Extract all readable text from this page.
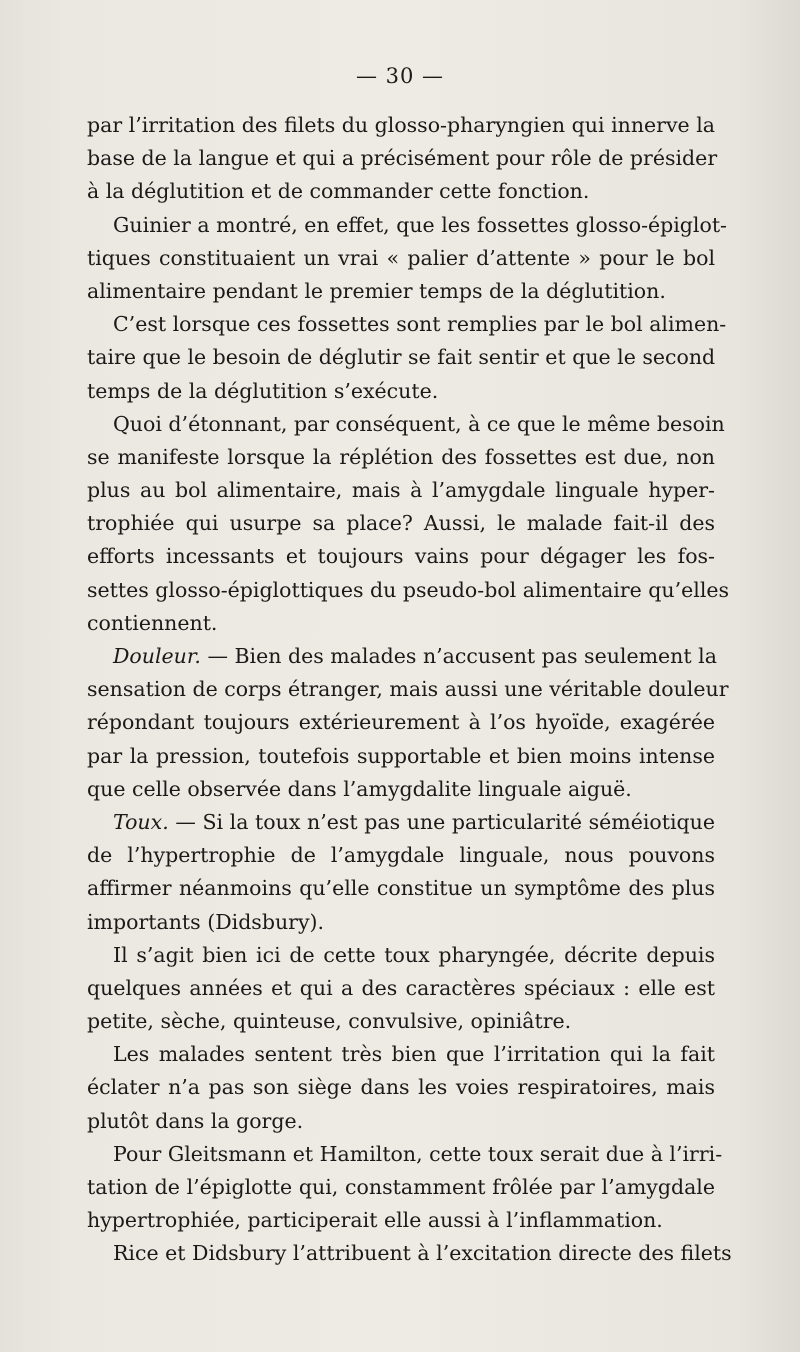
— 30 —
par l’irritation des filets du glosso-pharyngien qui innerve la
base de la langue et qui a précisément pour rôle de présider
à la déglutition et de commander cette fonction.
Guinier a montré, en effet, que les fossettes glosso-épiglot-
tiques constituaient un vrai « palier d’attente » pour le bol
alimentaire pendant le premier temps de la déglutition.
C’est lorsque ces fossettes sont remplies par le bol alimen-
taire que le besoin de déglutir se fait sentir et que le second
temps de la déglutition s’exécute.
Quoi d’étonnant, par conséquent, à ce que le même besoin
se manifeste lorsque la réplétion des fossettes est due, non
plus au bol alimentaire, mais à l’amygdale linguale hyper-
trophiée qui usurpe sa place? Aussi, le malade fait-il des
efforts incessants et toujours vains pour dégager les fos-
settes glosso-épiglottiques du pseudo-bol alimentaire qu’elles
contiennent.
Douleur. — Bien des malades n’accusent pas seulement la
sensation de corps étranger, mais aussi une véritable douleur
répondant toujours extérieurement à l’os hyoïde, exagérée
par la pression, toutefois supportable et bien moins intense
que celle observée dans l’amygdalite linguale aiguë.
Toux. — Si la toux n’est pas une particularité séméiotique
de l’hypertrophie de l’amygdale linguale, nous pouvons
affirmer néanmoins qu’elle constitue un symptôme des plus
importants (Didsbury).
Il s’agit bien ici de cette toux pharyngée, décrite depuis
quelques années et qui a des caractères spéciaux : elle est
petite, sèche, quinteuse, convulsive, opiniâtre.
Les malades sentent très bien que l’irritation qui la fait
éclater n’a pas son siège dans les voies respiratoires, mais
plutôt dans la gorge.
Pour Gleitsmann et Hamilton, cette toux serait due à l’irri-
tation de l’épiglotte qui, constamment frôlée par l’amygdale
hypertrophiée, participerait elle aussi à l’inflammation.
Rice et Didsbury l’attribuent à l’excitation directe des filets
